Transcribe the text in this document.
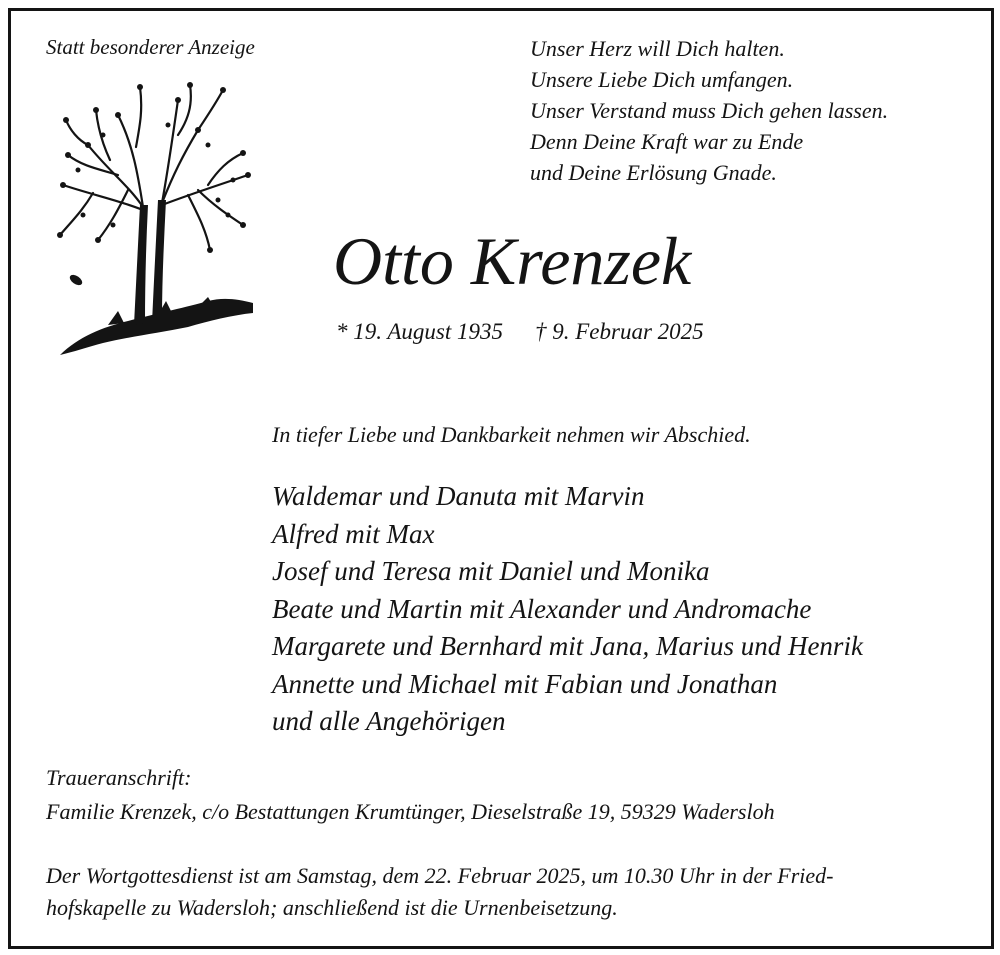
Statt besonderer Anzeige	Unser Herz will Dich halten.
Unsere Liebe Dich umfangen.
Unser Verstand muss Dich gehen lassen.
Denn Deine Kraft war zu Ende
und Deine Erlösung Gnade.
Otto Krenzek
* 19. August 1935 † 9. Februar 2025
In tiefer Liebe und Dankbarkeit nehmen wir Abschied.
Waldemar und Danuta mit Marvin
Alfred mit Max
Josef und Teresa mit Daniel und Monika
Beate und Martin mit Alexander und Andromache
Margarete und Bernhard mit Jana, Marius und Henrik
Annette und Michael mit Fabian und Jonathan
und alle Angehörigen
Traueranschrift:
Familie Krenzek, c/o Bestattungen Krumtünger, Dieselstraße 19, 59329 Wadersloh
Der Wortgottesdienst ist am Samstag, dem 22. Februar 2025, um 10.30 Uhr in der Fried-
hofskapelle zu Wadersloh; anschließend ist die Urnenbeisetzung.
